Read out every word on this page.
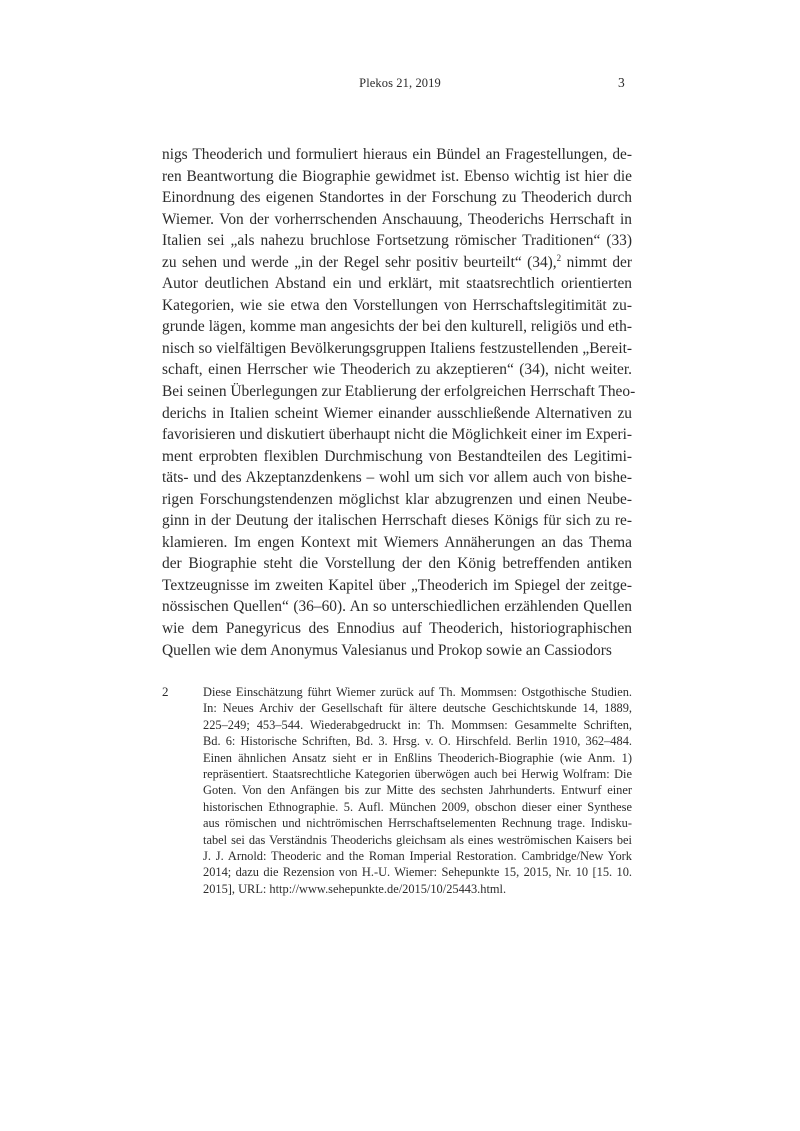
Plekos 21, 2019	3
nigs Theoderich und formuliert hieraus ein Bündel an Fragestellungen, de-
ren Beantwortung die Biographie gewidmet ist. Ebenso wichtig ist hier die
Einordnung des eigenen Standortes in der Forschung zu Theoderich durch
Wiemer. Von der vorherrschenden Anschauung, Theoderichs Herrschaft in
Italien sei „als nahezu bruchlose Fortsetzung römischer Traditionen“ (33)
zu sehen und werde „in der Regel sehr positiv beurteilt“ (34),$^2$ nimmt der
Autor deutlichen Abstand ein und erklärt, mit staatsrechtlich orientierten
Kategorien, wie sie etwa den Vorstellungen von Herrschaftslegitimität zu-
grunde lägen, komme man angesichts der bei den kulturell, religiös und eth-
nisch so vielfältigen Bevölkerungsgruppen Italiens festzustellenden „Bereit-
schaft, einen Herrscher wie Theoderich zu akzeptieren“ (34), nicht weiter.
Bei seinen Überlegungen zur Etablierung der erfolgreichen Herrschaft Theo-
derichs in Italien scheint Wiemer einander ausschließende Alternativen zu
favorisieren und diskutiert überhaupt nicht die Möglichkeit einer im Experi-
ment erprobten flexiblen Durchmischung von Bestandteilen des Legitimi-
täts- und des Akzeptanzdenkens – wohl um sich vor allem auch von bishe-
rigen Forschungstendenzen möglichst klar abzugrenzen und einen Neube-
ginn in der Deutung der italischen Herrschaft dieses Königs für sich zu re-
klamieren. Im engen Kontext mit Wiemers Annäherungen an das Thema
der Biographie steht die Vorstellung der den König betreffenden antiken
Textzeugnisse im zweiten Kapitel über „Theoderich im Spiegel der zeitge-
nössischen Quellen“ (36–60). An so unterschiedlichen erzählenden Quellen
wie dem Panegyricus des Ennodius auf Theoderich, historiographischen
Quellen wie dem Anonymus Valesianus und Prokop sowie an Cassiodors
2	Diese Einschätzung führt Wiemer zurück auf Th. Mommsen: Ostgothische Studien.
In: Neues Archiv der Gesellschaft für ältere deutsche Geschichtskunde 14, 1889,
225–249; 453–544. Wiederabgedruckt in: Th. Mommsen: Gesammelte Schriften,
Bd. 6: Historische Schriften, Bd. 3. Hrsg. v. O. Hirschfeld. Berlin 1910, 362–484.
Einen ähnlichen Ansatz sieht er in Enßlins Theoderich-Biographie (wie Anm. 1)
repräsentiert. Staatsrechtliche Kategorien überwögen auch bei Herwig Wolfram: Die
Goten. Von den Anfängen bis zur Mitte des sechsten Jahrhunderts. Entwurf einer
historischen Ethnographie. 5. Aufl. München 2009, obschon dieser einer Synthese
aus römischen und nichtrömischen Herrschaftselementen Rechnung trage. Indisku-
tabel sei das Verständnis Theoderichs gleichsam als eines weströmischen Kaisers bei
J. J. Arnold: Theoderic and the Roman Imperial Restoration. Cambridge/New York
2014; dazu die Rezension von H.-U. Wiemer: Sehepunkte 15, 2015, Nr. 10 [15. 10.
2015], URL: http://www.sehepunkte.de/2015/10/25443.html.
